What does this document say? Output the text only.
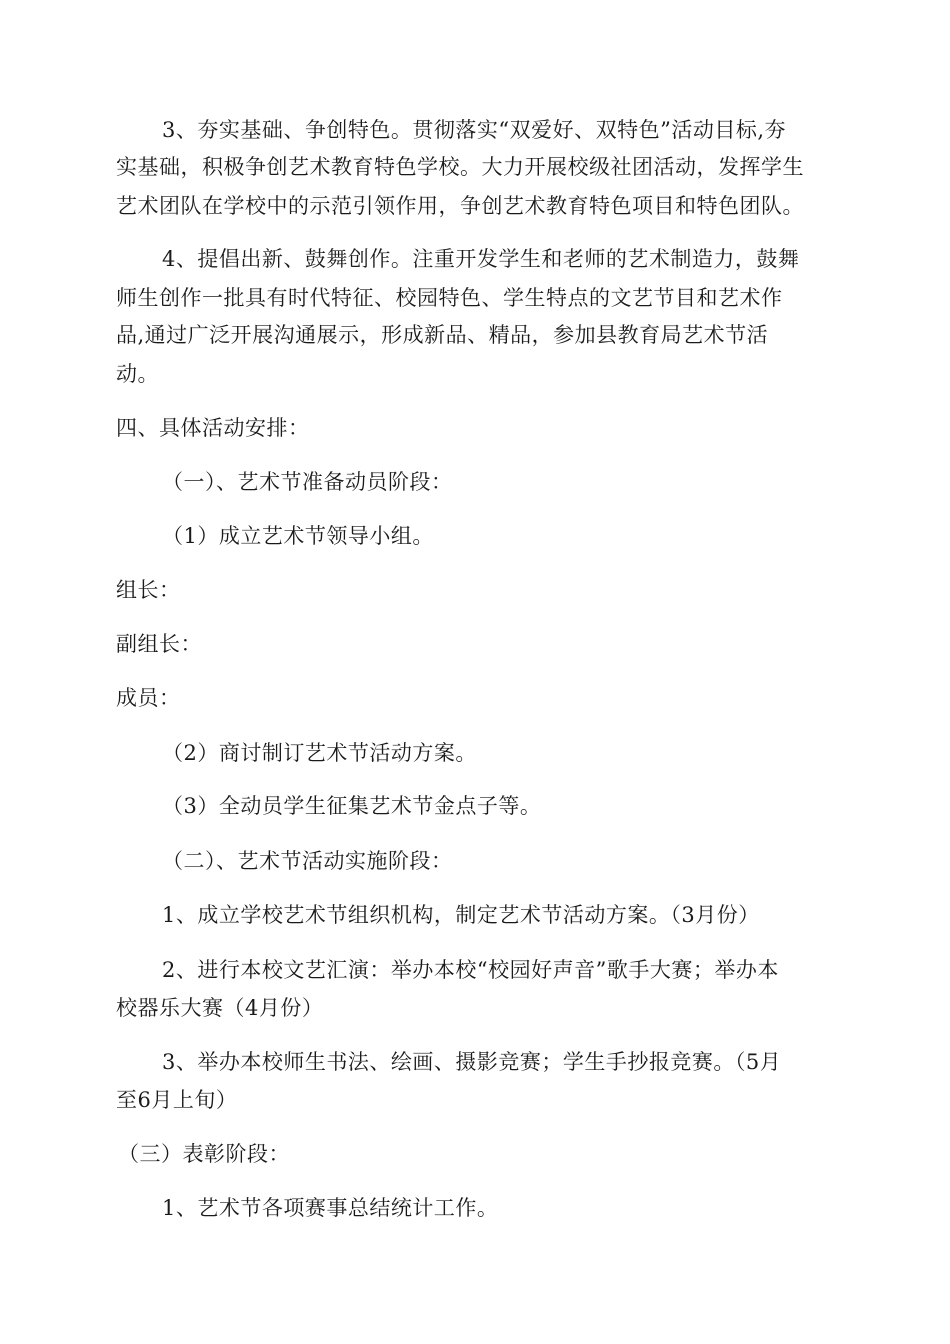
3、夯实基础、争创特色。贯彻落实“双爱好、双特色”活动目标,夯
实基础，积极争创艺术教育特色学校。大力开展校级社团活动，发挥学生
艺术团队在学校中的示范引领作用，争创艺术教育特色项目和特色团队。
4、提倡出新、鼓舞创作。注重开发学生和老师的艺术制造力，鼓舞
师生创作一批具有时代特征、校园特色、学生特点的文艺节目和艺术作
品,通过广泛开展沟通展示，形成新品、精品，参加县教育局艺术节活
动。
四、具体活动安排：
（一）、艺术节准备动员阶段：
（1）成立艺术节领导小组。
组长：
副组长：
成员：
（2）商讨制订艺术节活动方案。
（3）全动员学生征集艺术节金点子等。
（二）、艺术节活动实施阶段：
1、成立学校艺术节组织机构，制定艺术节活动方案。（3月份）
2、进行本校文艺汇演：举办本校“校园好声音”歌手大赛；举办本
校器乐大赛（4月份）
3、举办本校师生书法、绘画、摄影竞赛；学生手抄报竞赛。（5月
至6月上旬）
（三）表彰阶段：
1、艺术节各项赛事总结统计工作。
